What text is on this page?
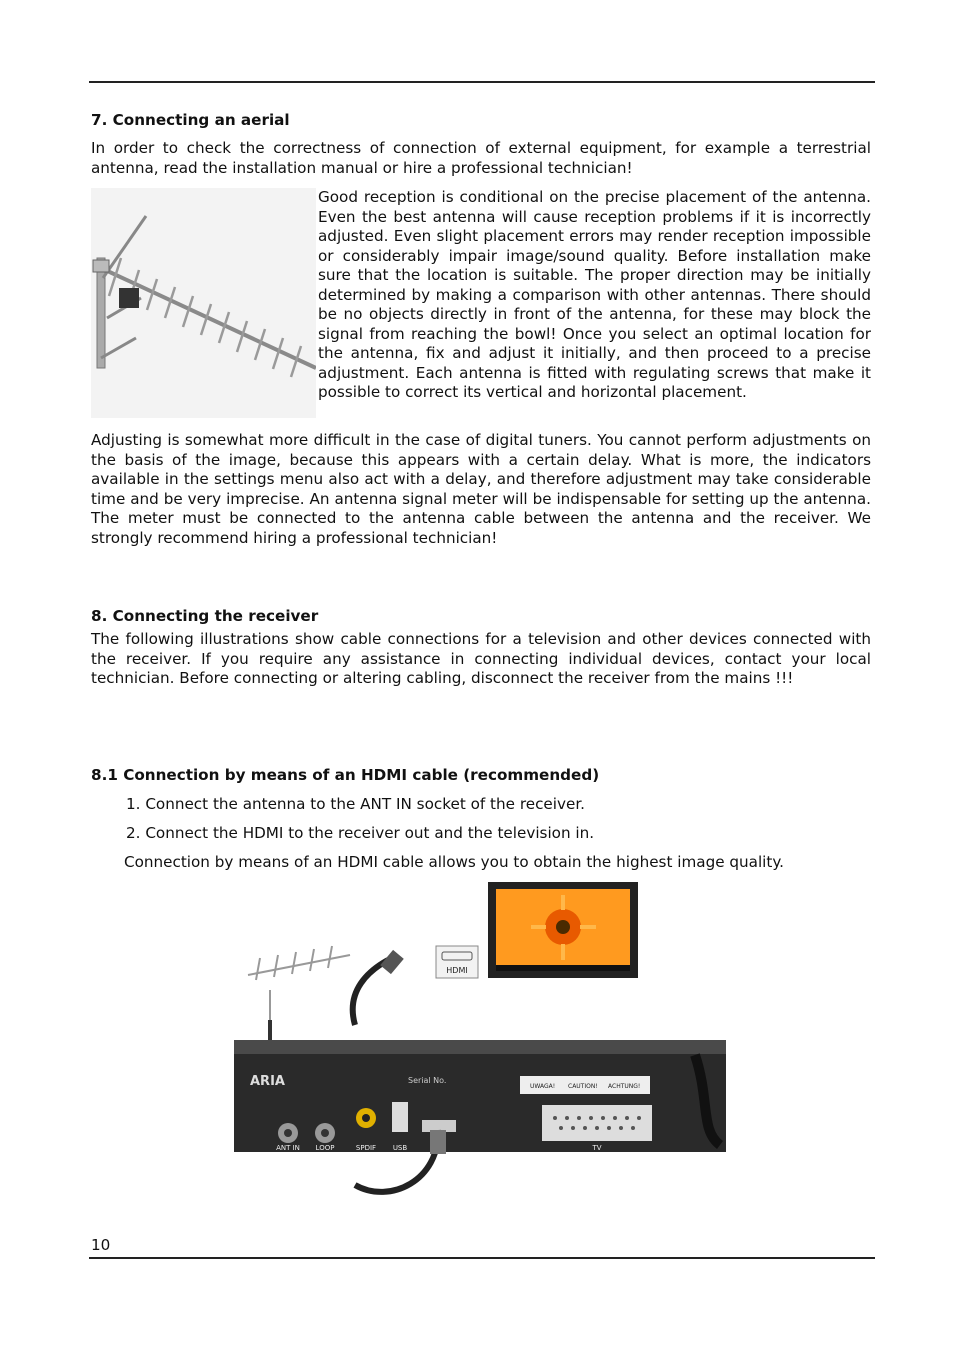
7. Connecting an aerial
In order to check the correctness of connection of external equipment, for example a terrestrial antenna, read the installation manual or hire a professional technician!
Good reception is conditional on the precise placement of the antenna. Even the best antenna will cause reception problems if it is incorrectly adjusted. Even slight placement errors may render reception impossible or considerably impair image/sound quality. Before installation make sure that the location is suitable. The proper direction may be initially determined by making a comparison with other antennas. There should be no objects directly in front of the antenna, for these may block the signal from reaching the bowl! Once you select an optimal location for the antenna, fix and adjust it initially, and then proceed to a precise adjustment. Each antenna is fitted with regulating screws that make it possible to correct its vertical and horizontal placement.
Adjusting is somewhat more difficult in the case of digital tuners. You cannot perform adjustments on the basis of the image, because this appears with a certain delay. What is more, the indicators available in the settings menu also act with a delay, and therefore adjustment may take considerable time and be very imprecise. An antenna signal meter will be indispensable for setting up the antenna. The meter must be connected to the antenna cable between the antenna and the receiver. We strongly recommend hiring a professional technician!
8. Connecting the receiver
The following illustrations show cable connections for a television and other devices connected with the receiver. If you require any assistance in connecting individual devices, contact your local technician. Before connecting or altering cabling, disconnect the receiver from the mains !!!
8.1 Connection by means of an HDMI cable (recommended)
1. Connect the antenna to the ANT IN socket of the receiver.
2. Connect the HDMI to the receiver out and the television in.
Connection by means of an HDMI cable allows you to obtain the highest image quality.
HDMI
ARIA	Serial No.
UWAGA! CAUTION! ACHTUNG!
ANT IN LOOP	SPDIF USB	TV
10
